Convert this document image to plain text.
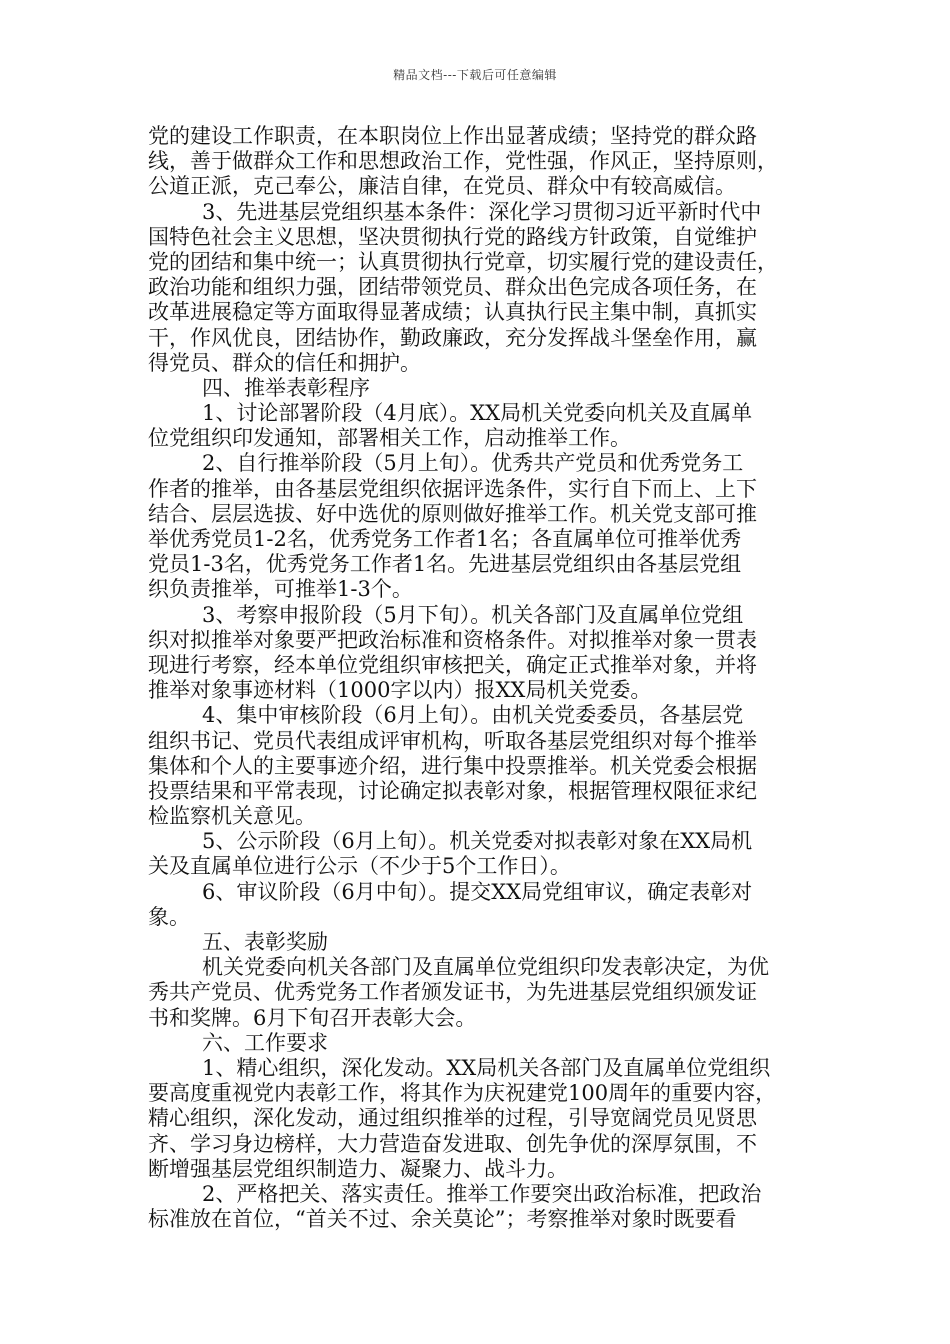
精品文档---下载后可任意编辑
党的建设工作职责，在本职岗位上作出显著成绩；坚持党的群众路
线，善于做群众工作和思想政治工作，党性强，作风正，坚持原则，
公道正派，克己奉公，廉洁自律，在党员、群众中有较高威信。
3、先进基层党组织基本条件：深化学习贯彻习近平新时代中
国特色社会主义思想，坚决贯彻执行党的路线方针政策，自觉维护
党的团结和集中统一；认真贯彻执行党章，切实履行党的建设责任，
政治功能和组织力强，团结带领党员、群众出色完成各项任务，在
改革进展稳定等方面取得显著成绩；认真执行民主集中制，真抓实
干，作风优良，团结协作，勤政廉政，充分发挥战斗堡垒作用，赢
得党员、群众的信任和拥护。
四、推举表彰程序
1、讨论部署阶段（4月底）。XX局机关党委向机关及直属单
位党组织印发通知，部署相关工作，启动推举工作。
2、自行推举阶段（5月上旬）。优秀共产党员和优秀党务工
作者的推举，由各基层党组织依据评选条件，实行自下而上、上下
结合、层层选拔、好中选优的原则做好推举工作。机关党支部可推
举优秀党员1-2名，优秀党务工作者1名；各直属单位可推举优秀
党员1-3名，优秀党务工作者1名。先进基层党组织由各基层党组
织负责推举，可推举1-3个。
3、考察申报阶段（5月下旬）。机关各部门及直属单位党组
织对拟推举对象要严把政治标准和资格条件。对拟推举对象一贯表
现进行考察，经本单位党组织审核把关，确定正式推举对象，并将
推举对象事迹材料（1000字以内）报XX局机关党委。
4、集中审核阶段（6月上旬）。由机关党委委员，各基层党
组织书记、党员代表组成评审机构，听取各基层党组织对每个推举
集体和个人的主要事迹介绍，进行集中投票推举。机关党委会根据
投票结果和平常表现，讨论确定拟表彰对象，根据管理权限征求纪
检监察机关意见。
5、公示阶段（6月上旬）。机关党委对拟表彰对象在XX局机
关及直属单位进行公示（不少于5个工作日）。
6、审议阶段（6月中旬）。提交XX局党组审议，确定表彰对
象。
五、表彰奖励
机关党委向机关各部门及直属单位党组织印发表彰决定，为优
秀共产党员、优秀党务工作者颁发证书，为先进基层党组织颁发证
书和奖牌。6月下旬召开表彰大会。
六、工作要求
1、精心组织，深化发动。XX局机关各部门及直属单位党组织
要高度重视党内表彰工作，将其作为庆祝建党100周年的重要内容，
精心组织，深化发动，通过组织推举的过程，引导宽阔党员见贤思
齐、学习身边榜样，大力营造奋发进取、创先争优的深厚氛围，不
断增强基层党组织制造力、凝聚力、战斗力。
2、严格把关、落实责任。推举工作要突出政治标准，把政治
标准放在首位，“首关不过、余关莫论”；考察推举对象时既要看
